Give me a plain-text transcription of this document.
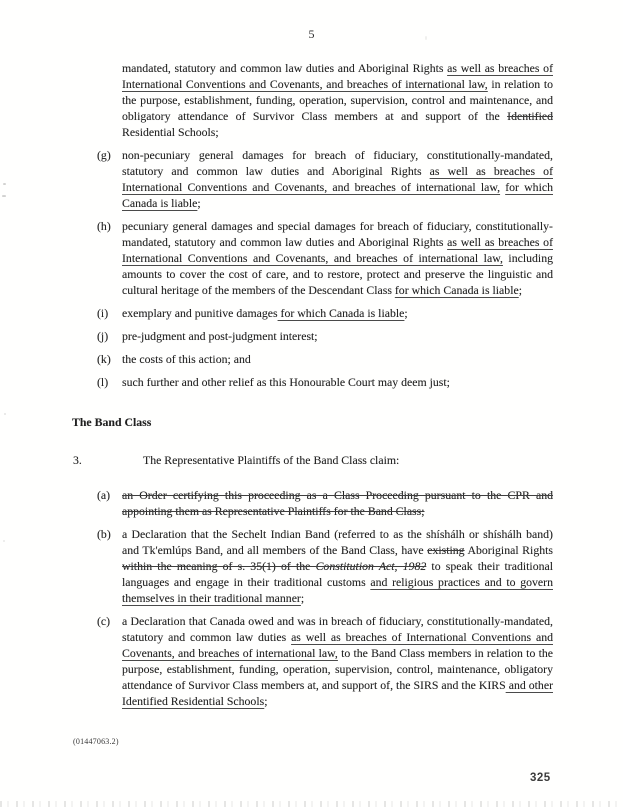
5
mandated, statutory and common law duties and Aboriginal Rights as well as breaches of International Conventions and Covenants, and breaches of international law, in relation to the purpose, establishment, funding, operation, supervision, control and maintenance, and obligatory attendance of Survivor Class members at and support of the Identified Residential Schools;
(g) non-pecuniary general damages for breach of fiduciary, constitutionally-mandated, statutory and common law duties and Aboriginal Rights as well as breaches of International Conventions and Covenants, and breaches of international law, for which Canada is liable;
(h) pecuniary general damages and special damages for breach of fiduciary, constitutionally-mandated, statutory and common law duties and Aboriginal Rights as well as breaches of International Conventions and Covenants, and breaches of international law, including amounts to cover the cost of care, and to restore, protect and preserve the linguistic and cultural heritage of the members of the Descendant Class for which Canada is liable;
(i) exemplary and punitive damages for which Canada is liable;
(j) pre-judgment and post-judgment interest;
(k) the costs of this action; and
(l) such further and other relief as this Honourable Court may deem just;
The Band Class
3.	The Representative Plaintiffs of the Band Class claim:
(a) an Order certifying this proceeding as a Class Proceeding pursuant to the CPR and appointing them as Representative Plaintiffs for the Band Class;
(b) a Declaration that the Sechelt Indian Band (referred to as the shíshálh or shíshálh band) and Tk'emlúps Band, and all members of the Band Class, have existing Aboriginal Rights within the meaning of s. 35(1) of the Constitution Act, 1982 to speak their traditional languages and engage in their traditional customs and religious practices and to govern themselves in their traditional manner;
(c) a Declaration that Canada owed and was in breach of fiduciary, constitutionally-mandated, statutory and common law duties as well as breaches of International Conventions and Covenants, and breaches of international law, to the Band Class members in relation to the purpose, establishment, funding, operation, supervision, control, maintenance, obligatory attendance of Survivor Class members at, and support of, the SIRS and the KIRS and other Identified Residential Schools;
(01447063.2)
325
